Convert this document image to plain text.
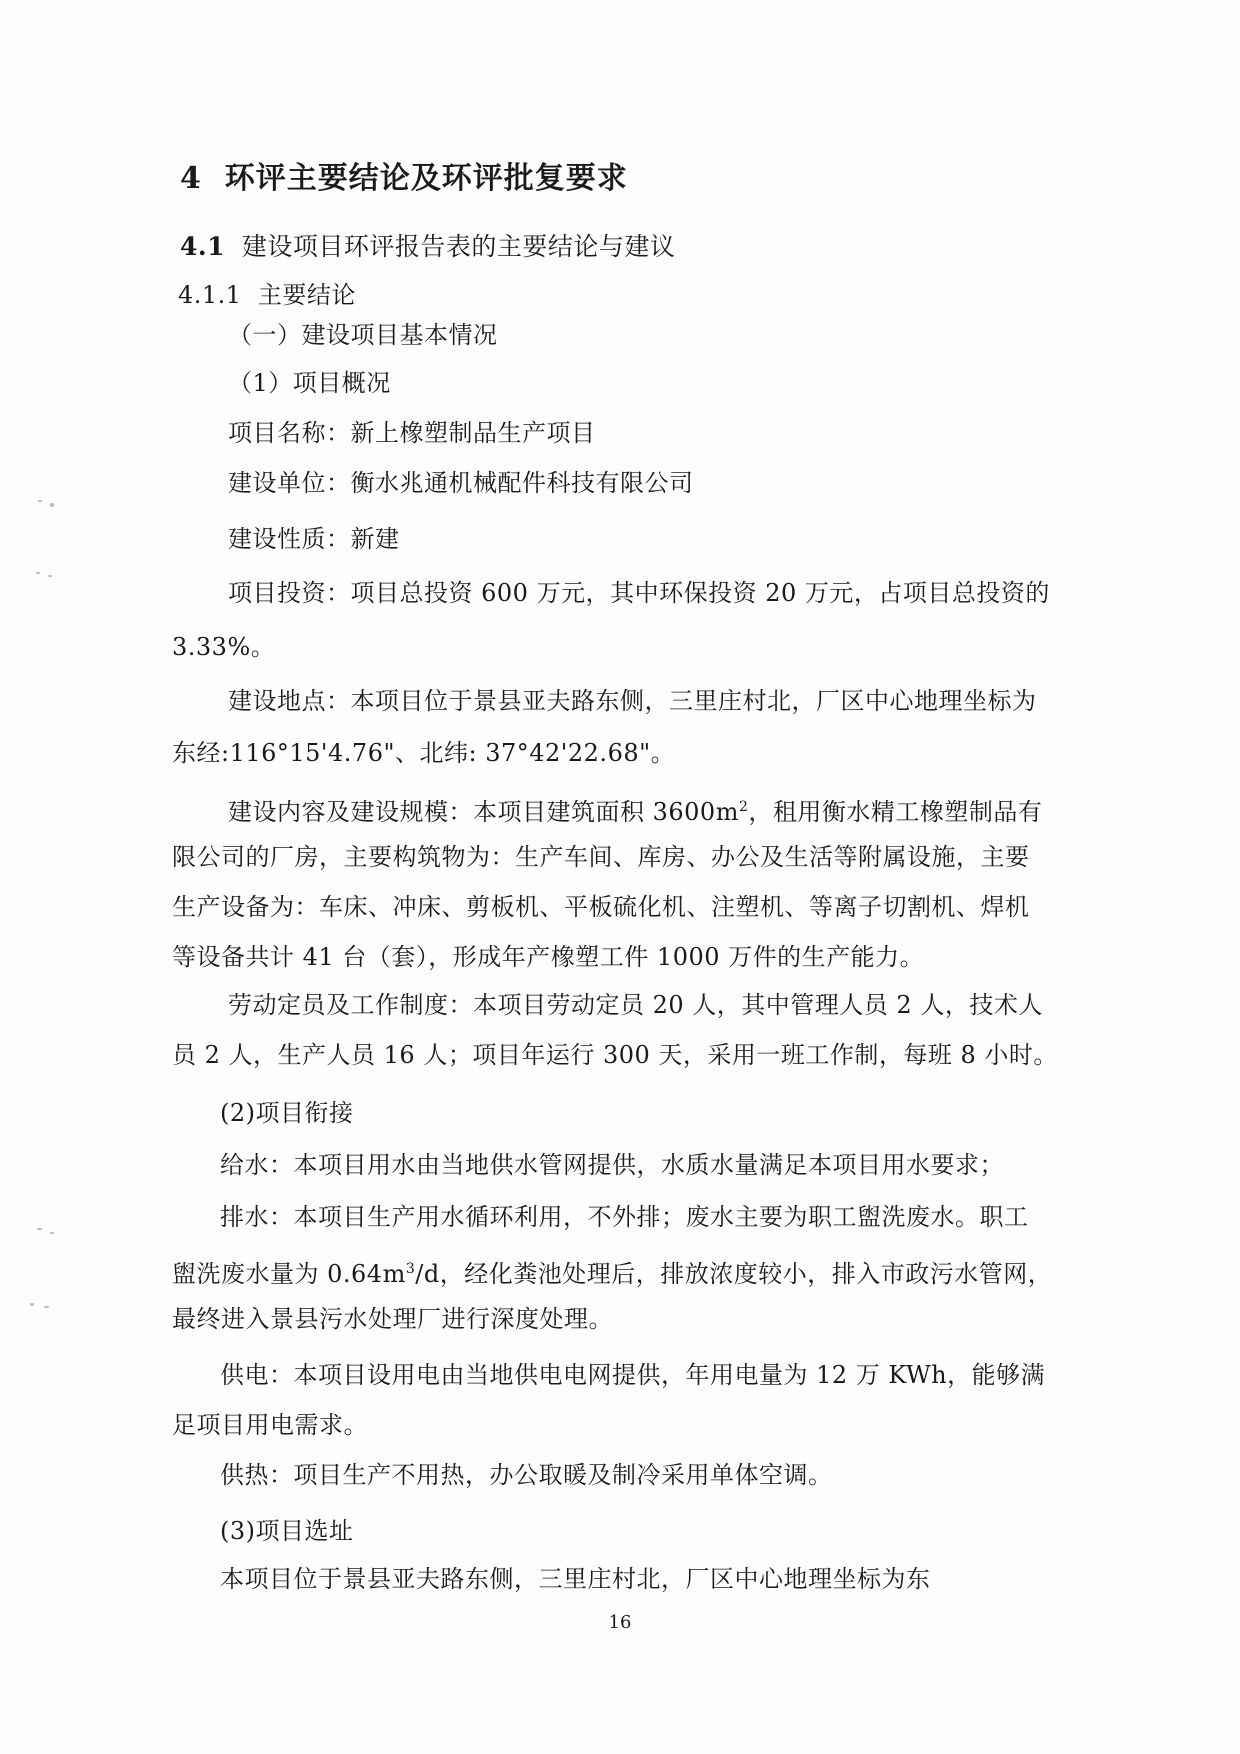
4 环评主要结论及环评批复要求
4.1 建设项目环评报告表的主要结论与建议
4.1.1 主要结论
（一）建设项目基本情况
（1）项目概况
项目名称：新上橡塑制品生产项目
建设单位：衡水兆通机械配件科技有限公司
建设性质：新建
项目投资：项目总投资 600 万元，其中环保投资 20 万元，占项目总投资的
3.33%。
建设地点：本项目位于景县亚夫路东侧，三里庄村北，厂区中心地理坐标为
东经:116°15'4.76"、北纬: 37°42'22.68"。
建设内容及建设规模：本项目建筑面积 $3600m^2$，租用衡水精工橡塑制品有
限公司的厂房，主要构筑物为：生产车间、库房、办公及生活等附属设施，主要
生产设备为：车床、冲床、剪板机、平板硫化机、注塑机、等离子切割机、焊机
等设备共计 41 台（套），形成年产橡塑工件 1000 万件的生产能力。
劳动定员及工作制度：本项目劳动定员 20 人，其中管理人员 2 人，技术人
员 2 人，生产人员 16 人；项目年运行 300 天，采用一班工作制，每班 8 小时。
(2)项目衔接
给水：本项目用水由当地供水管网提供，水质水量满足本项目用水要求；
排水：本项目生产用水循环利用，不外排；废水主要为职工盥洗废水。职工
盥洗废水量为 $0.64m^3/d$，经化粪池处理后，排放浓度较小，排入市政污水管网，
最终进入景县污水处理厂进行深度处理。
供电：本项目设用电由当地供电电网提供，年用电量为 12 万 KWh，能够满
足项目用电需求。
供热：项目生产不用热，办公取暖及制冷采用单体空调。
(3)项目选址
本项目位于景县亚夫路东侧，三里庄村北，厂区中心地理坐标为东
16
